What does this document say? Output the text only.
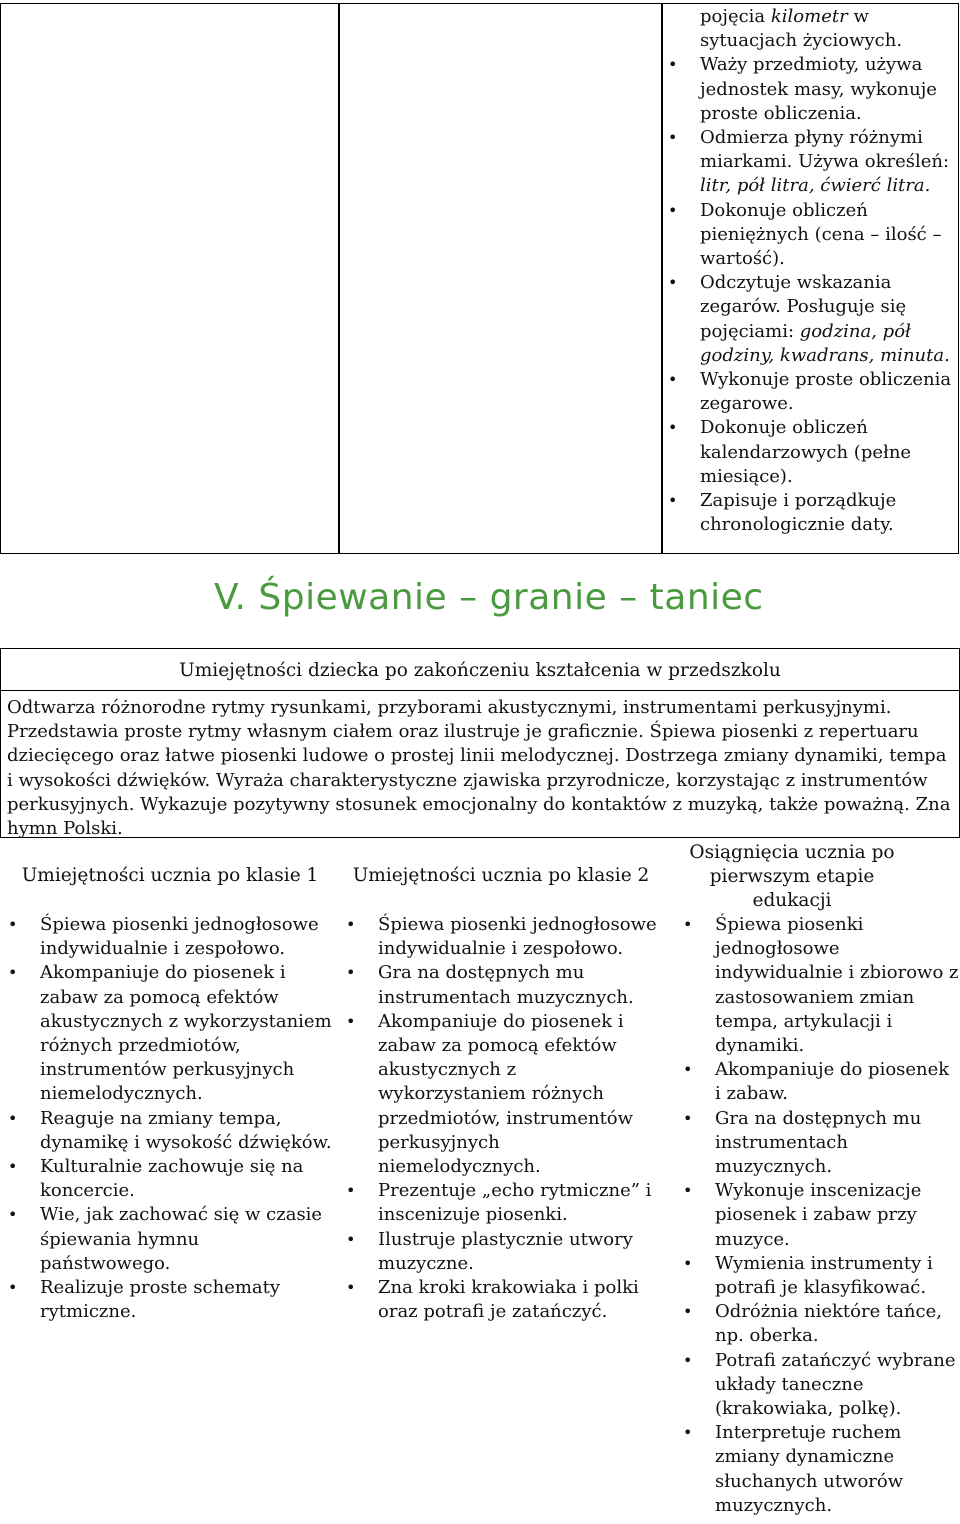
pojęcia kilometr w
sytuacjach życiowych.
• Waży przedmioty, używa jednostek masy, wykonuje proste obliczenia.
• Odmierza płyny różnymi miarkami. Używa określeń: litr, pół litra, ćwierć litra.
• Dokonuje obliczeń pieniężnych (cena – ilość – wartość).
• Odczytuje wskazania zegarów. Posługuje się pojęciami: godzina, pół godziny, kwadrans, minuta.
• Wykonuje proste obliczenia zegarowe.
• Dokonuje obliczeń kalendarzowych (pełne miesiące).
• Zapisuje i porządkuje chronologicznie daty.
V. Śpiewanie – granie – taniec
Umiejętności dziecka po zakończeniu kształcenia w przedszkolu
Odtwarza różnorodne rytmy rysunkami, przyborami akustycznymi, instrumentami perkusyjnymi. Przedstawia proste rytmy własnym ciałem oraz ilustruje je graficznie. Śpiewa piosenki z repertuaru dziecięcego oraz łatwe piosenki ludowe o prostej linii melodycznej. Dostrzega zmiany dynamiki, tempa i wysokości dźwięków. Wyraża charakterystyczne zjawiska przyrodnicze, korzystając z instrumentów perkusyjnych. Wykazuje pozytywny stosunek emocjonalny do kontaktów z muzyką, także poważną. Zna hymn Polski.
Umiejętności ucznia po klasie 1	Umiejętności ucznia po klasie 2
Osiągnięcia ucznia po pierwszym etapie edukacji
• Śpiewa piosenki jednogłosowe indywidualnie i zespołowo.
• Akompaniuje do piosenek i zabaw za pomocą efektów akustycznych z wykorzystaniem różnych przedmiotów, instrumentów perkusyjnych niemelodycznych.
• Reaguje na zmiany tempa, dynamikę i wysokość dźwięków.
• Kulturalnie zachowuje się na koncercie.
• Wie, jak zachować się w czasie śpiewania hymnu państwowego.
• Realizuje proste schematy rytmiczne.
• Śpiewa piosenki jednogłosowe indywidualnie i zespołowo.
• Gra na dostępnych mu instrumentach muzycznych.
• Akompaniuje do piosenek i zabaw za pomocą efektów akustycznych z wykorzystaniem różnych przedmiotów, instrumentów perkusyjnych niemelodycznych.
• Prezentuje „echo rytmiczne” i inscenizuje piosenki.
• Ilustruje plastycznie utwory muzyczne.
• Zna kroki krakowiaka i polki oraz potrafi je zatańczyć.
• Śpiewa piosenki jednogłosowe indywidualnie i zbiorowo z zastosowaniem zmian tempa, artykulacji i dynamiki.
• Akompaniuje do piosenek i zabaw.
• Gra na dostępnych mu instrumentach muzycznych.
• Wykonuje inscenizacje piosenek i zabaw przy muzyce.
• Wymienia instrumenty i potrafi je klasyfikować.
• Odróżnia niektóre tańce, np. oberka.
• Potrafi zatańczyć wybrane układy taneczne (krakowiaka, polkę).
• Interpretuje ruchem zmiany dynamiczne słuchanych utworów muzycznych.
